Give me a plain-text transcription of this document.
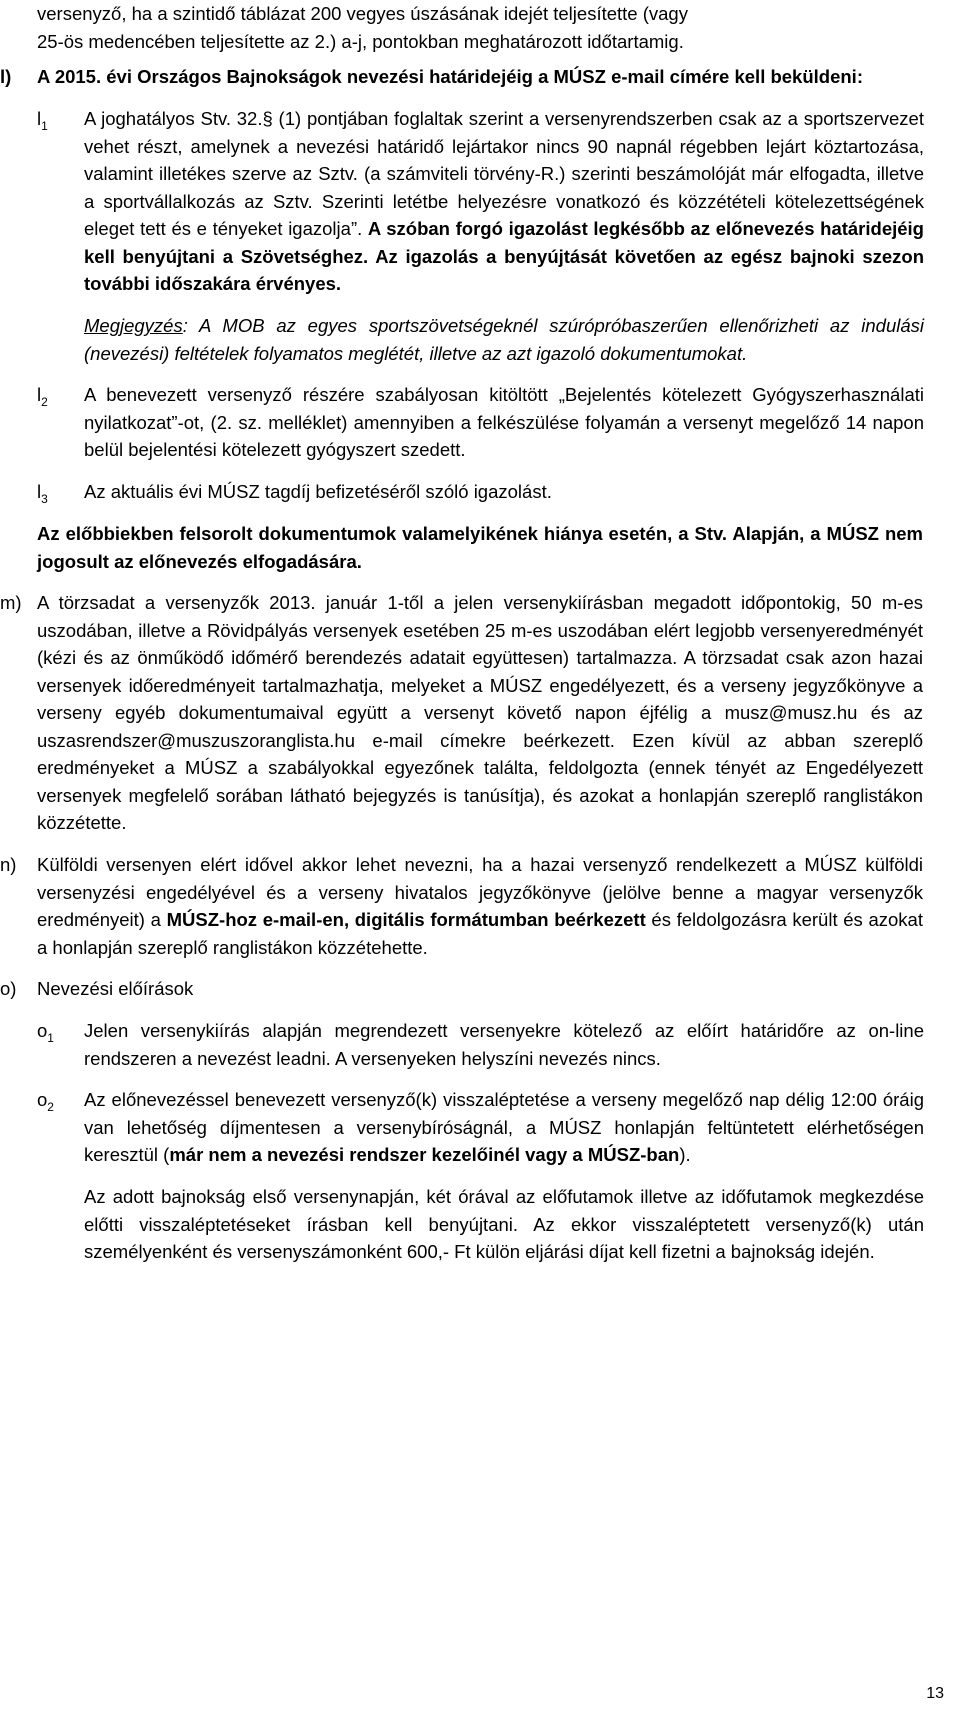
versenyző, ha a szintidő táblázat 200 vegyes úszásának idejét teljesítette (vagy
25-ös medencében teljesítette az 2.) a-j, pontokban meghatározott időtartamig.

l) A 2015. évi Országos Bajnokságok nevezési határidejéig a MÚSZ e-mail címére kell beküldeni:

$l_1$ A joghatályos Stv. 32.§ (1) pontjában foglaltak szerint a versenyrendszerben csak az a sportszervezet vehet részt, amelynek a nevezési határidő lejártakor nincs 90 napnál régebben lejárt köztartozása, valamint illetékes szerve az Sztv. (a számviteli törvény-R.) szerinti beszámolóját már elfogadta, illetve a sportvállalkozás az Sztv. Szerinti letétbe helyezésre vonatkozó és közzétételi kötelezettségének eleget tett és e tényeket igazolja”. A szóban forgó igazolást legkésőbb az előnevezés határidejéig kell benyújtani a Szövetséghez. Az igazolás a benyújtását követően az egész bajnoki szezon további időszakára érvényes.

Megjegyzés: A MOB az egyes sportszövetségeknél szúrópróbaszerűen ellenőrizheti az indulási (nevezési) feltételek folyamatos meglétét, illetve az azt igazoló dokumentumokat.

$l_2$ A benevezett versenyző részére szabályosan kitöltött „Bejelentés kötelezett Gyógyszerhasználati nyilatkozat”-ot, (2. sz. melléklet) amennyiben a felkészülése folyamán a versenyt megelőző 14 napon belül bejelentési kötelezett gyógyszert szedett.

$l_3$ Az aktuális évi MÚSZ tagdíj befizetéséről szóló igazolást.

Az előbbiekben felsorolt dokumentumok valamelyikének hiánya esetén, a Stv. Alapján, a MÚSZ nem jogosult az előnevezés elfogadására.

m) A törzsadat a versenyzők 2013. január 1-től a jelen versenykiírásban megadott időpontokig, 50 m-es uszodában, illetve a Rövidpályás versenyek esetében 25 m-es uszodában elért legjobb versenyeredményét (kézi és az önműködő időmérő berendezés adatait együttesen) tartalmazza. A törzsadat csak azon hazai versenyek időeredményeit tartalmazhatja, melyeket a MÚSZ engedélyezett, és a verseny jegyzőkönyve a verseny egyéb dokumentumaival együtt a versenyt követő napon éjfélig a musz@musz.hu és az uszasrendszer@muszuszoranglista.hu e-mail címekre beérkezett. Ezen kívül az abban szereplő eredményeket a MÚSZ a szabályokkal egyezőnek találta, feldolgozta (ennek tényét az Engedélyezett versenyek megfelelő sorában látható bejegyzés is tanúsítja), és azokat a honlapján szereplő ranglistákon közzétette.

n) Külföldi versenyen elért idővel akkor lehet nevezni, ha a hazai versenyző rendelkezett a MÚSZ külföldi versenyzési engedélyével és a verseny hivatalos jegyzőkönyve (jelölve benne a magyar versenyzők eredményeit) a MÚSZ-hoz e-mail-en, digitális formátumban beérkezett és feldolgozásra került és azokat a honlapján szereplő ranglistákon közzétehette.

o) Nevezési előírások

$o_1$ Jelen versenykiírás alapján megrendezett versenyekre kötelező az előírt határidőre az on-line rendszeren a nevezést leadni. A versenyeken helyszíni nevezés nincs.

$o_2$ Az előnevezéssel benevezett versenyző(k) visszaléptetése a verseny megelőző nap délig 12:00 óráig van lehetőség díjmentesen a versenybíróságnál, a MÚSZ honlapján feltüntetett elérhetőségen keresztül (már nem a nevezési rendszer kezelőinél vagy a MÚSZ-ban).

Az adott bajnokság első versenynapján, két órával az előfutamok illetve az időfutamok megkezdése előtti visszaléptetéseket írásban kell benyújtani. Az ekkor visszaléptetett versenyző(k) után személyenként és versenyszámonként 600,- Ft külön eljárási díjat kell fizetni a bajnokság idején.

13
